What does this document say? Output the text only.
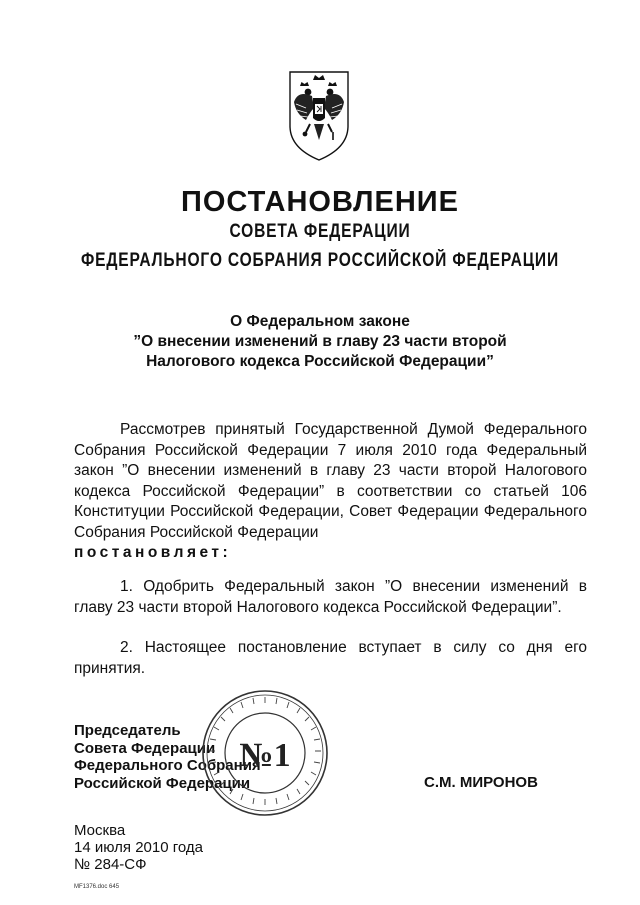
ПОСТАНОВЛЕНИЕ
СОВЕТА ФЕДЕРАЦИИ
ФЕДЕРАЛЬНОГО СОБРАНИЯ РОССИЙСКОЙ ФЕДЕРАЦИИ
О Федеральном законе
”О внесении изменений в главу 23 части второй
Налогового кодекса Российской Федерации”

Рассмотрев принятый Государственной Думой Федерального Собрания Российской Федерации 7 июля 2010 года Федеральный закон ”О внесении изменений в главу 23 части второй Налогового кодекса Российской Федерации” в соответствии со статьей 106 Конституции Российской Федерации, Совет Федерации Федерального Собрания Российской Федерации

постановляет:

1. Одобрить Федеральный закон ”О внесении изменений в главу 23 части второй Налогового кодекса Российской Федерации”.

2. Настоящее постановление вступает в силу со дня его принятия.

Председатель
Совета Федерации
Федерального Собрания
Российской Федерации	С.М. МИРОНОВ
№1
Москва
14 июля 2010 года
№ 284-СФ
MF1376.doc 645
